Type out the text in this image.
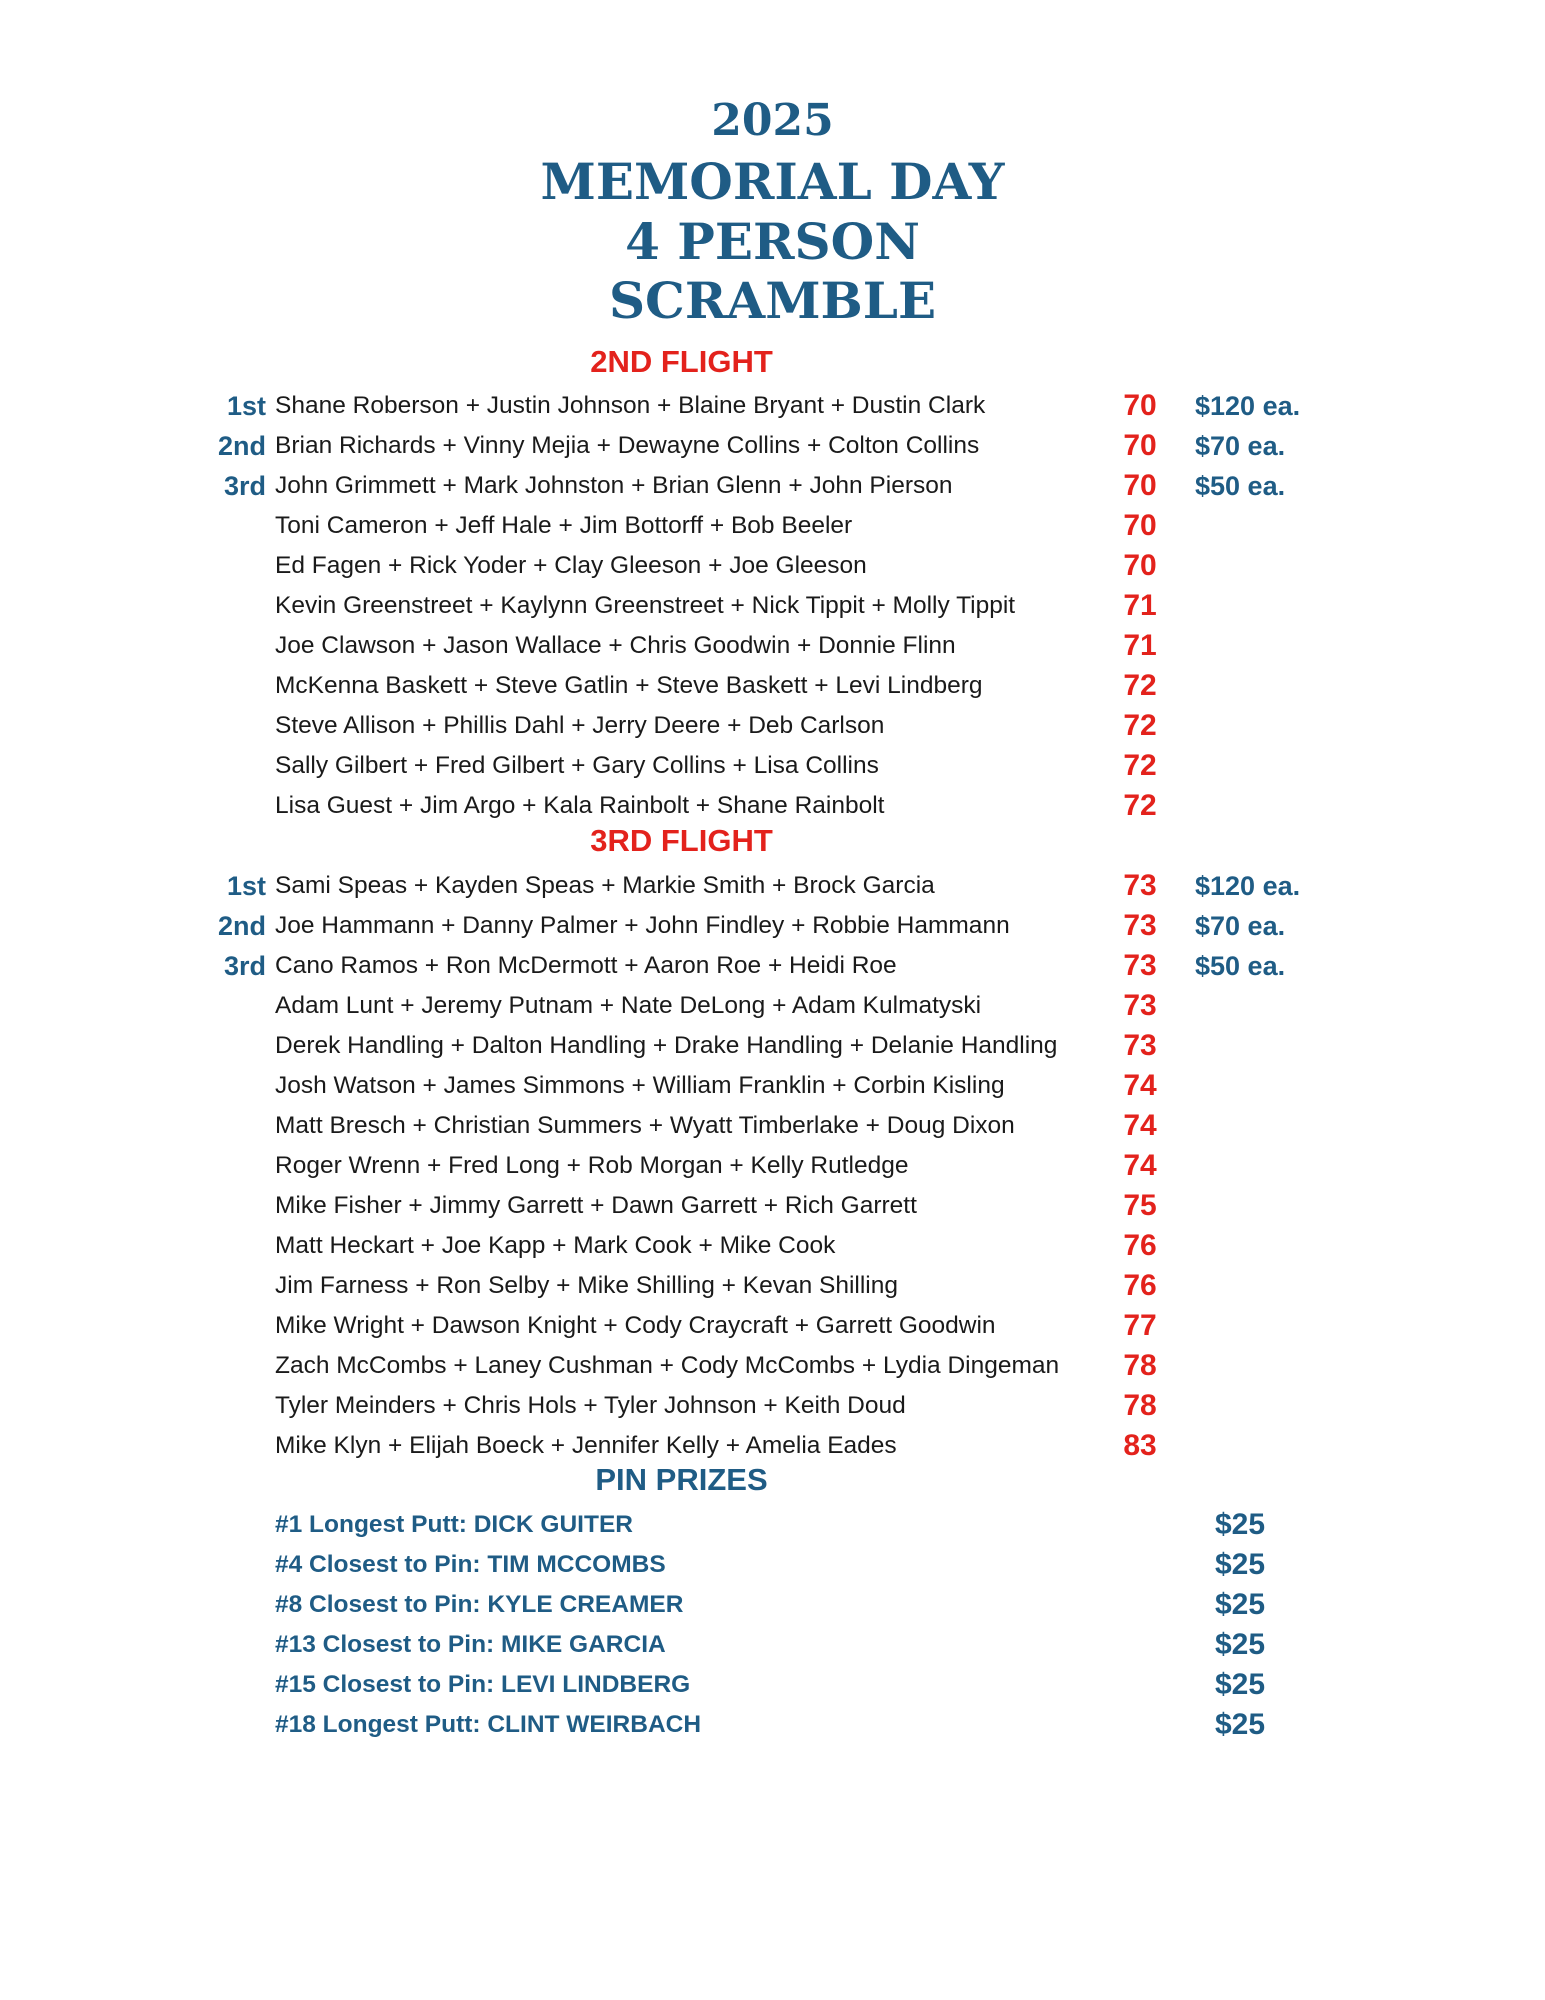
2025
MEMORIAL DAY
4 PERSON
SCRAMBLE
2ND FLIGHT
1st Shane Roberson + Justin Johnson + Blaine Bryant + Dustin Clark	70	$120 ea.
2nd Brian Richards + Vinny Mejia + Dewayne Collins + Colton Collins	70	$70 ea.
3rd John Grimmett + Mark Johnston + Brian Glenn + John Pierson	70	$50 ea.
Toni Cameron + Jeff Hale + Jim Bottorff + Bob Beeler	70
Ed Fagen + Rick Yoder + Clay Gleeson + Joe Gleeson	70
Kevin Greenstreet + Kaylynn Greenstreet + Nick Tippit + Molly Tippit	71
Joe Clawson + Jason Wallace + Chris Goodwin + Donnie Flinn	71
McKenna Baskett + Steve Gatlin + Steve Baskett + Levi Lindberg	72
Steve Allison + Phillis Dahl + Jerry Deere + Deb Carlson	72
Sally Gilbert + Fred Gilbert + Gary Collins + Lisa Collins	72
Lisa Guest + Jim Argo + Kala Rainbolt + Shane Rainbolt	72
3RD FLIGHT
1st Sami Speas + Kayden Speas + Markie Smith + Brock Garcia	73	$120 ea.
2nd Joe Hammann + Danny Palmer + John Findley + Robbie Hammann	73	$70 ea.
3rd Cano Ramos + Ron McDermott + Aaron Roe + Heidi Roe	73	$50 ea.
Adam Lunt + Jeremy Putnam + Nate DeLong + Adam Kulmatyski	73
Derek Handling + Dalton Handling + Drake Handling + Delanie Handling	73
Josh Watson + James Simmons + William Franklin + Corbin Kisling	74
Matt Bresch + Christian Summers + Wyatt Timberlake + Doug Dixon	74
Roger Wrenn + Fred Long + Rob Morgan + Kelly Rutledge	74
Mike Fisher + Jimmy Garrett + Dawn Garrett + Rich Garrett	75
Matt Heckart + Joe Kapp + Mark Cook + Mike Cook	76
Jim Farness + Ron Selby + Mike Shilling + Kevan Shilling	76
Mike Wright + Dawson Knight + Cody Craycraft + Garrett Goodwin	77
Zach McCombs + Laney Cushman + Cody McCombs + Lydia Dingeman	78
Tyler Meinders + Chris Hols + Tyler Johnson + Keith Doud	78
Mike Klyn + Elijah Boeck + Jennifer Kelly + Amelia Eades	83
PIN PRIZES
#1 Longest Putt: DICK GUITER	$25
#4 Closest to Pin: TIM MCCOMBS	$25
#8 Closest to Pin: KYLE CREAMER	$25
#13 Closest to Pin: MIKE GARCIA	$25
#15 Closest to Pin: LEVI LINDBERG	$25
#18 Longest Putt: CLINT WEIRBACH	$25
